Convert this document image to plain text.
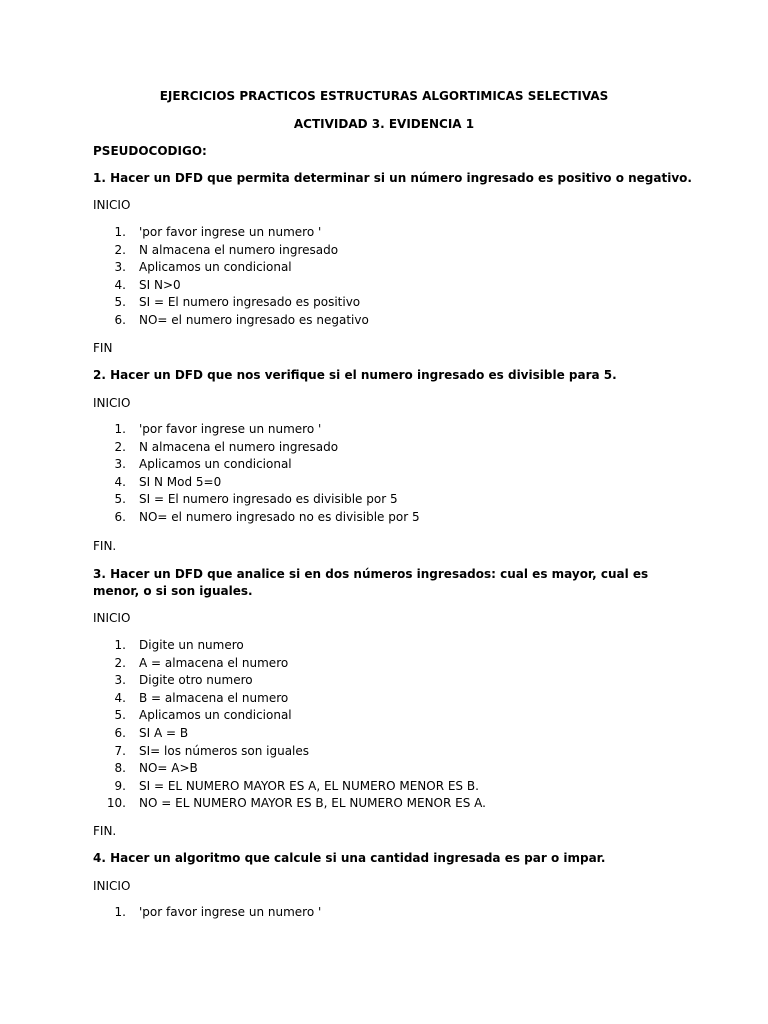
EJERCICIOS PRACTICOS ESTRUCTURAS ALGORTIMICAS SELECTIVAS
ACTIVIDAD 3. EVIDENCIA 1
PSEUDOCODIGO:
1. Hacer un DFD que permita determinar si un número ingresado es positivo o negativo.
INICIO
1. 'por favor ingrese un numero '
2. N almacena el numero ingresado
3. Aplicamos un condicional
4. SI N>0
5. SI = El numero ingresado es positivo
6. NO= el numero ingresado es negativo
FIN
2. Hacer un DFD que nos verifique si el numero ingresado es divisible para 5.
INICIO
1. 'por favor ingrese un numero '
2. N almacena el numero ingresado
3. Aplicamos un condicional
4. SI N Mod 5=0
5. SI = El numero ingresado es divisible por 5
6. NO= el numero ingresado no es divisible por 5
FIN.
3. Hacer un DFD que analice si en dos números ingresados: cual es mayor, cual es menor, o si son iguales.
INICIO
1. Digite un numero
2. A = almacena el numero
3. Digite otro numero
4. B = almacena el numero
5. Aplicamos un condicional
6. SI A = B
7. SI= los números son iguales
8. NO= A>B
9. SI = EL NUMERO MAYOR ES A, EL NUMERO MENOR ES B.
10. NO = EL NUMERO MAYOR ES B, EL NUMERO MENOR ES A.
FIN.
4. Hacer un algoritmo que calcule si una cantidad ingresada es par o impar.
INICIO
1. 'por favor ingrese un numero '
